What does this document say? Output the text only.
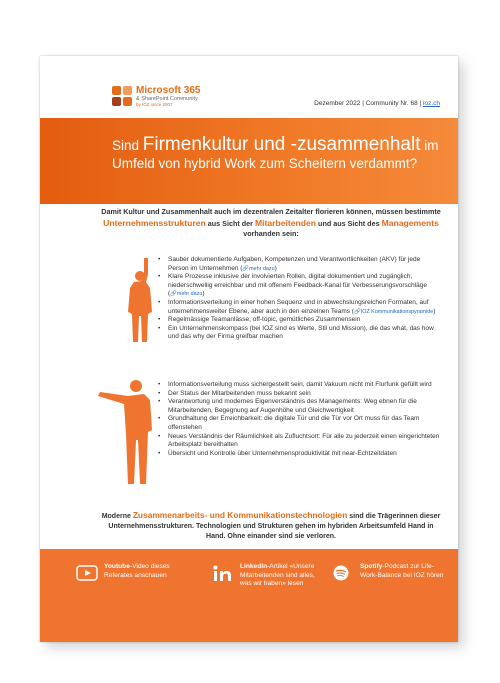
Microsoft 365
& SharePoint Community
by IOZ since 2007	Dezember 2022 | Community Nr. 68 | ioz.ch
Sind Firmenkultur und -zusammenhalt im Umfeld von hybrid Work zum Scheitern verdammt?
Damit Kultur und Zusammenhalt auch im dezentralen Zeitalter florieren können, müssen bestimmte Unternehmensstrukturen aus Sicht der Mitarbeitenden und aus Sicht des Managements vorhanden sein:
• Sauber dokumentierte Aufgaben, Kompetenzen und Verantwortlichkeiten (AKV) für jede Person im Unternehmen (🔗mehr dazu)
• Klare Prozesse inklusive der involvierten Rollen, digital dokumentiert und zugänglich, niederschwellig erreichbar und mit offenem Feedback-Kanal für Verbesserungsvorschläge (🔗mehr dazu)
• Informationsverteilung in einer hohen Sequenz und in abwechslungsreichen Formaten, auf unternehmensweiter Ebene, aber auch in den einzelnen Teams (🔗IOZ Kommunikationspyramide)
• Regelmässige Teamanlässe, off-topic, gemütliches Zusammensein
• Ein Unternehmenskompass (bei IOZ sind es Werte, Stil und Mission), die das what, das how und das why der Firma greifbar machen
• Informationsverteilung muss sichergestellt sein, damit Vakuum nicht mit Flurfunk gefüllt wird
• Der Status der Mitarbeitenden muss bekannt sein
• Verantwortung und modernes Eigenverständnis des Managements: Weg ebnen für die Mitarbeitenden, Begegnung auf Augenhöhe und Gleichwertigkeit
• Grundhaltung der Erreichbarkeit: die digitale Tür und die Tür vor Ort muss für das Team offenstehen
• Neues Verständnis der Räumlichkeit als Zufluchtsort: Für alle zu jederzeit einen eingerichteten Arbeitsplatz bereithalten
• Übersicht und Kontrolle über Unternehmensproduktivität mit near-Echtzeitdaten
Moderne Zusammenarbeits- und Kommunikationstechnologien sind die Trägerinnen dieser Unternehmensstrukturen. Technologien und Strukturen gehen im hybriden Arbeitsumfeld Hand in Hand. Ohne einander sind sie verloren.
Youtube-Video dieses Referates anschauen
LinkedIn-Artikel «Unsere Mitarbeitenden sind alles, was wir haben» lesen
Spotify-Podcast zur Life-Work-Balance bei IOZ hören
